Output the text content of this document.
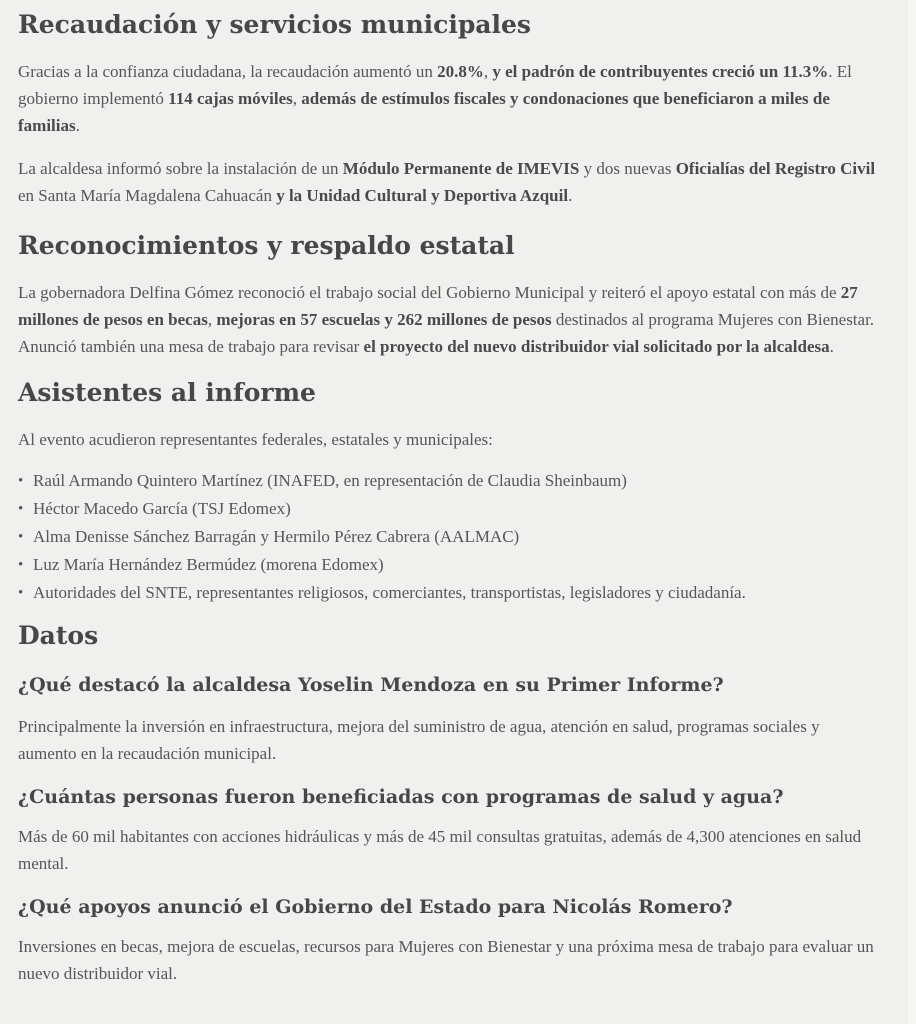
Recaudación y servicios municipales

Gracias a la confianza ciudadana, la recaudación aumentó un 20.8%, y el padrón de contribuyentes creció un 11.3%. El gobierno implementó 114 cajas móviles, además de estímulos fiscales y condonaciones que beneficiaron a miles de familias.

La alcaldesa informó sobre la instalación de un Módulo Permanente de IMEVIS y dos nuevas Oficialías del Registro Civil en Santa María Magdalena Cahuacán y la Unidad Cultural y Deportiva Azquil.

Reconocimientos y respaldo estatal

La gobernadora Delfina Gómez reconoció el trabajo social del Gobierno Municipal y reiteró el apoyo estatal con más de 27 millones de pesos en becas, mejoras en 57 escuelas y 262 millones de pesos destinados al programa Mujeres con Bienestar. Anunció también una mesa de trabajo para revisar el proyecto del nuevo distribuidor vial solicitado por la alcaldesa.

Asistentes al informe

Al evento acudieron representantes federales, estatales y municipales:

• Raúl Armando Quintero Martínez (INAFED, en representación de Claudia Sheinbaum)
• Héctor Macedo García (TSJ Edomex)
• Alma Denisse Sánchez Barragán y Hermilo Pérez Cabrera (AALMAC)
• Luz María Hernández Bermúdez (morena Edomex)
• Autoridades del SNTE, representantes religiosos, comerciantes, transportistas, legisladores y ciudadanía.
Datos
¿Qué destacó la alcaldesa Yoselin Mendoza en su Primer Informe?

Principalmente la inversión en infraestructura, mejora del suministro de agua, atención en salud, programas sociales y aumento en la recaudación municipal.

¿Cuántas personas fueron beneficiadas con programas de salud y agua?

Más de 60 mil habitantes con acciones hidráulicas y más de 45 mil consultas gratuitas, además de 4,300 atenciones en salud mental.

¿Qué apoyos anunció el Gobierno del Estado para Nicolás Romero?

Inversiones en becas, mejora de escuelas, recursos para Mujeres con Bienestar y una próxima mesa de trabajo para evaluar un nuevo distribuidor vial.
